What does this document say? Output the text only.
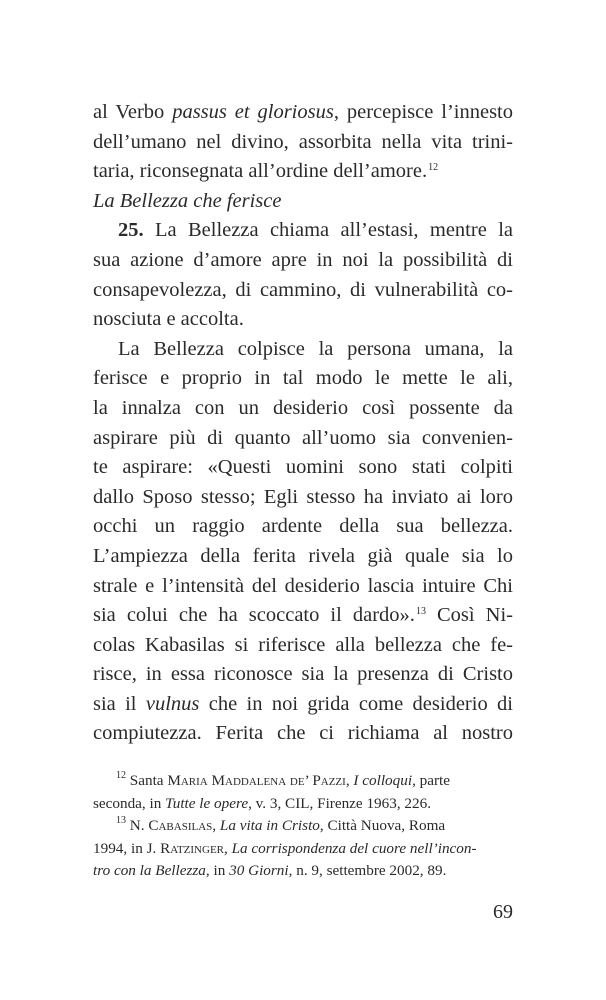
al Verbo passus et gloriosus, percepisce l’innesto
dell’umano nel divino, assorbita nella vita trini-
taria, riconsegnata all’ordine dell’amore.$^{12}$

La Bellezza che ferisce

25. La Bellezza chiama all’estasi, mentre la
sua azione d’amore apre in noi la possibilità di
consapevolezza, di cammino, di vulnerabilità co-
nosciuta e accolta.

La Bellezza colpisce la persona umana, la
ferisce e proprio in tal modo le mette le ali,
la innalza con un desiderio così possente da
aspirare più di quanto all’uomo sia convenien-
te aspirare: «Questi uomini sono stati colpiti
dallo Sposo stesso; Egli stesso ha inviato ai loro
occhi un raggio ardente della sua bellezza.
L’ampiezza della ferita rivela già quale sia lo
strale e l’intensità del desiderio lascia intuire Chi
sia colui che ha scoccato il dardo».$^{13}$ Così Ni-
colas Kabasilas si riferisce alla bellezza che fe-
risce, in essa riconosce sia la presenza di Cristo
sia il vulnus che in noi grida come desiderio di
compiutezza. Ferita che ci richiama al nostro

$^{12}$ Santa Maria Maddalena de’ Pazzi, I colloqui, parte
seconda, in Tutte le opere, v. 3, CIL, Firenze 1963, 226.

$^{13}$ N. Cabasilas, La vita in Cristo, Città Nuova, Roma
1994, in J. Ratzinger, La corrispondenza del cuore nell’incon-
tro con la Bellezza, in 30 Giorni, n. 9, settembre 2002, 89.

69
